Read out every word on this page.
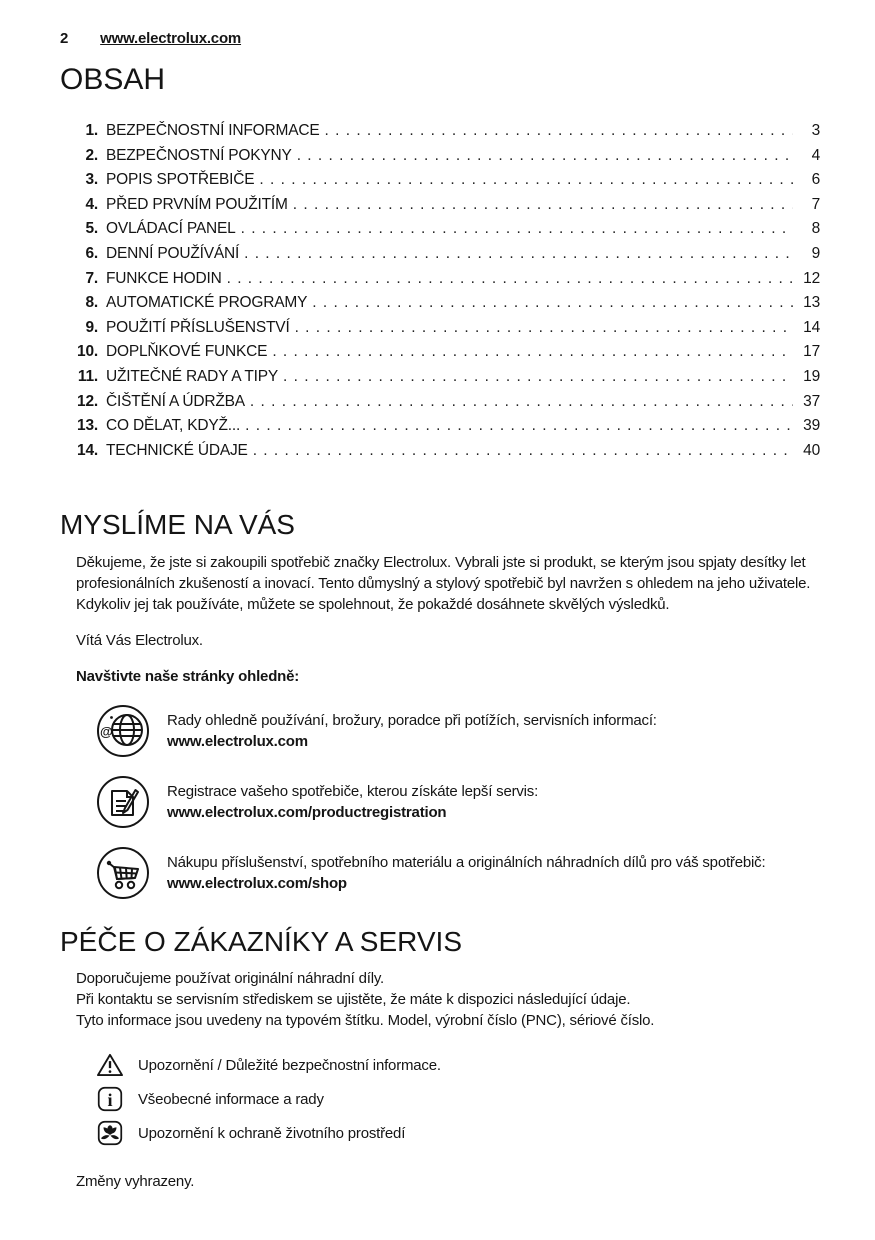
2 www.electrolux.com
OBSAH
1. BEZPEČNOSTNÍ INFORMACE . . .	3
2. BEZPEČNOSTNÍ POKYNY . . .	4
3. POPIS SPOTŘEBIČE . . .	6
4. PŘED PRVNÍM POUŽITÍM . . .	7
5. OVLÁDACÍ PANEL . . .	8
6. DENNÍ POUŽÍVÁNÍ . . .	9
7. FUNKCE HODIN . . .	12
8. AUTOMATICKÉ PROGRAMY . . .	13
9. POUŽITÍ PŘÍSLUŠENSTVÍ . . .	14
10. DOPLŇKOVÉ FUNKCE . . .	17
11. UŽITEČNÉ RADY A TIPY . . .	19
12. ČIŠTĚNÍ A ÚDRŽBA . . .	37
13. CO DĚLAT, KDYŽ... . . .	39
14. TECHNICKÉ ÚDAJE . . .	40
MYSLÍME NA VÁS

Děkujeme, že jste si zakoupili spotřebič značky Electrolux. Vybrali jste si produkt, se kterým jsou spjaty desítky let profesionálních zkušeností a inovací. Tento důmyslný a stylový spotřebič byl navržen s ohledem na jeho uživatele. Kdykoliv jej tak používáte, můžete se spolehnout, že pokaždé dosáhnete skvělých výsledků.

Vítá Vás Electrolux.

Navštivte naše stránky ohledně:

@
Rady ohledně používání, brožury, poradce při potížích, servisních informací:
www.electrolux.com
Registrace vašeho spotřebiče, kterou získáte lepší servis:
www.electrolux.com/productregistration
Nákupu příslušenství, spotřebního materiálu a originálních náhradních dílů pro váš spotřebič:
www.electrolux.com/shop
PÉČE O ZÁKAZNÍKY A SERVIS
Doporučujeme používat originální náhradní díly.
Při kontaktu se servisním střediskem se ujistěte, že máte k dispozici následující údaje.
Tyto informace jsou uvedeny na typovém štítku. Model, výrobní číslo (PNC), sériové číslo.
Upozornění / Důležité bezpečnostní informace.
i Všeobecné informace a rady
Upozornění k ochraně životního prostředí
Změny vyhrazeny.
